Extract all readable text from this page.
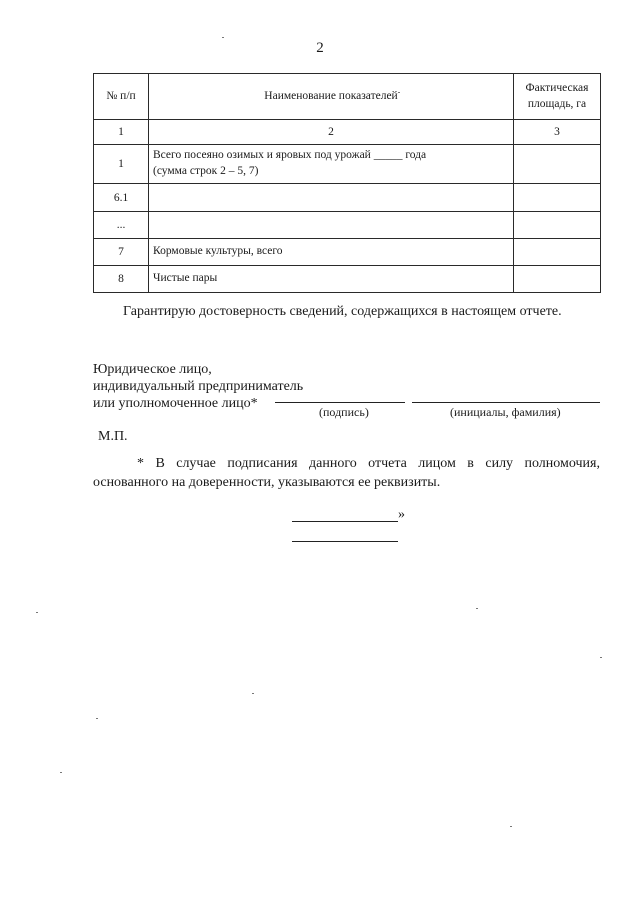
2
№ п/п	Наименование показателей	Фактическая
площадь, га

1	2	3
1	Всего посеяно озимых и яровых под урожай _____ года
(сумма строк 2 – 5, 7)	

6.1		
...		
7	Кормовые культуры, всего	
8	Чистые пары	

Гарантирую достоверность сведений, содержащихся в настоящем отчете.

Юридическое лицо,
индивидуальный предприниматель
или уполномоченное лицо*
(подпись)	(инициалы, фамилия)
М.П.

* В случае подписания данного отчета лицом в силу полномочия, основанного на доверенности, указываются ее реквизиты.

»
